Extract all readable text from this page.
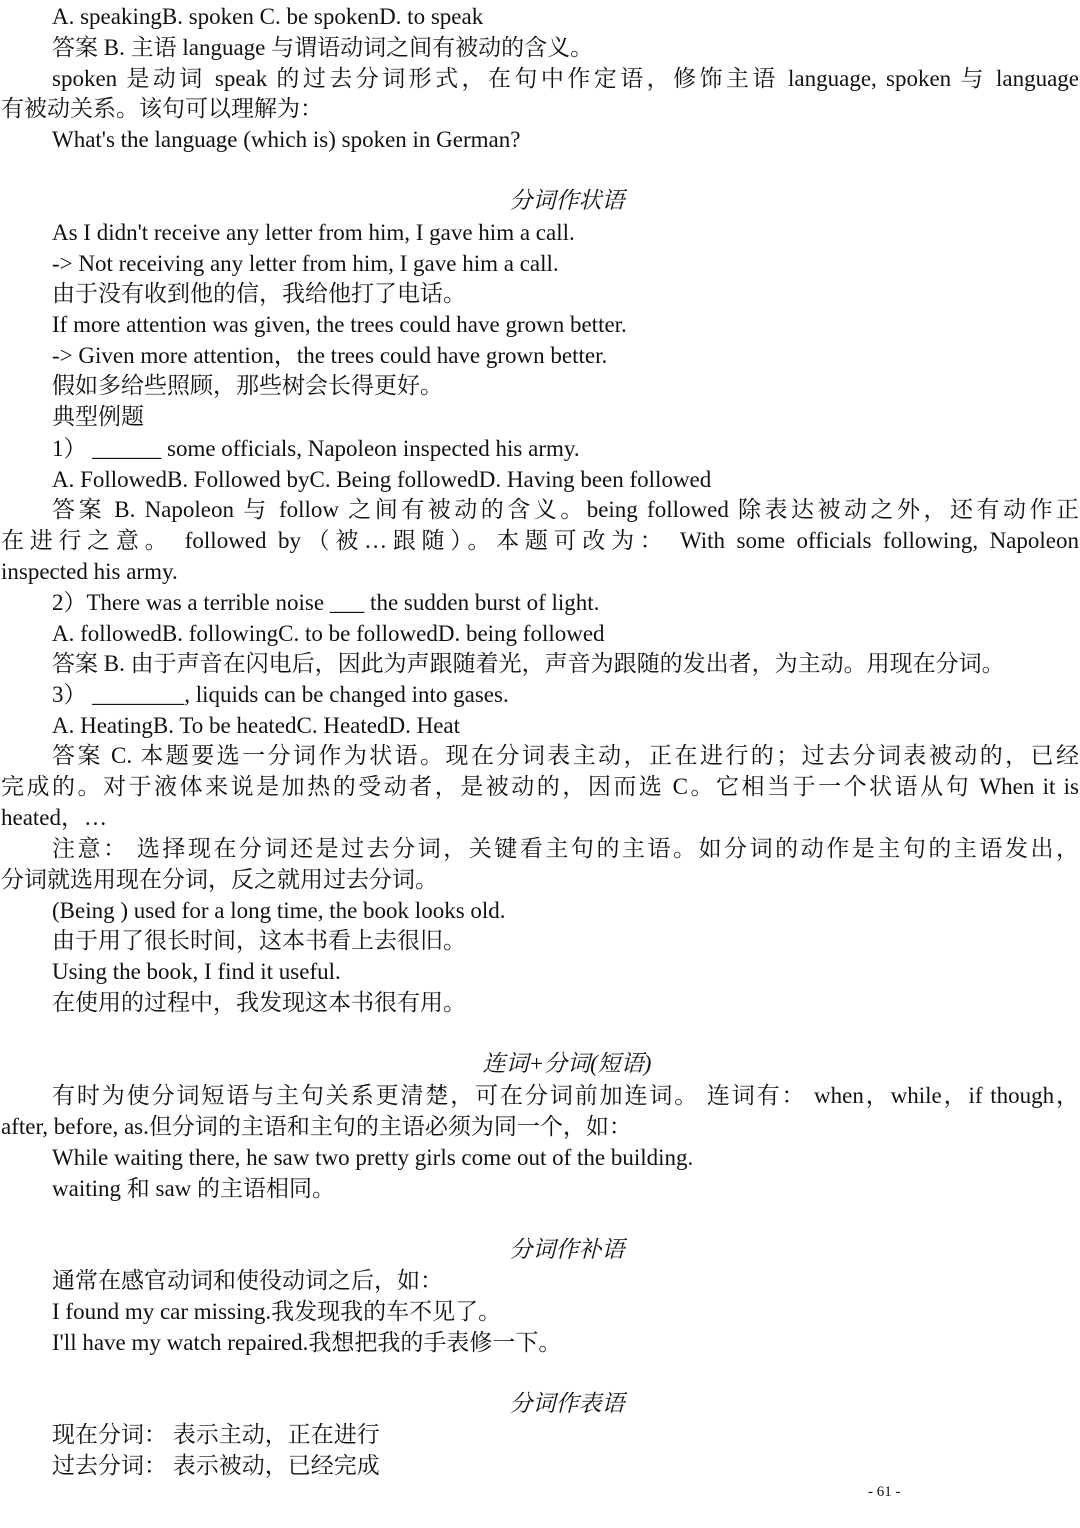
A. speakingB. spoken C. be spokenD. to speak
答案 B. 主语 language 与谓语动词之间有被动的含义。
spoken 是动词 speak 的过去分词形式，在句中作定语，修饰主语 language, spoken 与 language
有被动关系。该句可以理解为：
What's the language (which is) spoken in German?
分词作状语
As I didn't receive any letter from him, I gave him a call.
-> Not receiving any letter from him, I gave him a call.
由于没有收到他的信，我给他打了电话。
If more attention was given, the trees could have grown better.
-> Given more attention，the trees could have grown better.
假如多给些照顾，那些树会长得更好。
典型例题
1） ______ some officials, Napoleon inspected his army.
A. FollowedB. Followed byC. Being followedD. Having been followed
答案 B. Napoleon 与 follow 之间有被动的含义。being followed 除表达被动之外，还有动作正
在进行之意。 followed by（被…跟随）。本题可改为： With some officials following, Napoleon
inspected his army.
2）There was a terrible noise ___ the sudden burst of light.
A. followedB. followingC. to be followedD. being followed
答案 B. 由于声音在闪电后，因此为声跟随着光，声音为跟随的发出者，为主动。用现在分词。
3） ________, liquids can be changed into gases.
A. HeatingB. To be heatedC. HeatedD. Heat
答案 C. 本题要选一分词作为状语。现在分词表主动，正在进行的；过去分词表被动的，已经
完成的。对于液体来说是加热的受动者，是被动的，因而选 C。它相当于一个状语从句 When it is
heated，…
注意： 选择现在分词还是过去分词，关键看主句的主语。如分词的动作是主句的主语发出，
分词就选用现在分词，反之就用过去分词。
(Being ) used for a long time, the book looks old.
由于用了很长时间，这本书看上去很旧。
Using the book, I find it useful.
在使用的过程中，我发现这本书很有用。
连词+分词(短语)
有时为使分词短语与主句关系更清楚，可在分词前加连词。 连词有： when，while，if though，
after, before, as.但分词的主语和主句的主语必须为同一个，如：
While waiting there, he saw two pretty girls come out of the building.
waiting 和 saw 的主语相同。
分词作补语
通常在感官动词和使役动词之后，如：
I found my car missing.我发现我的车不见了。
I'll have my watch repaired.我想把我的手表修一下。
分词作表语
现在分词： 表示主动，正在进行
过去分词： 表示被动，已经完成
- 61 -
